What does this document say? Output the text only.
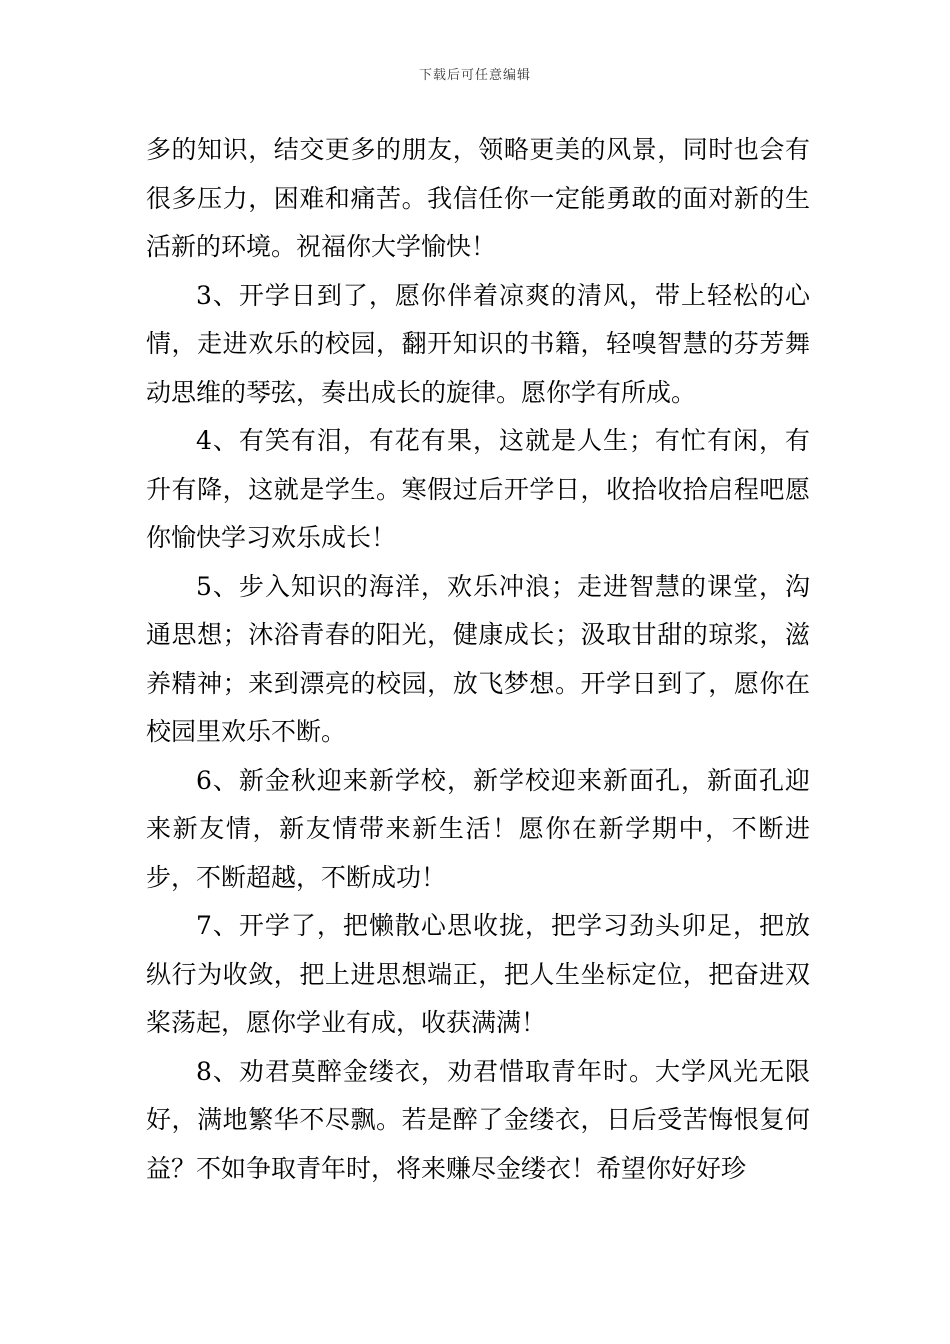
下载后可任意编辑

多的知识，结交更多的朋友，领略更美的风景，同时也会有很多压力，困难和痛苦。我信任你一定能勇敢的面对新的生活新的环境。祝福你大学愉快！

3、开学日到了，愿你伴着凉爽的清风，带上轻松的心情，走进欢乐的校园，翻开知识的书籍，轻嗅智慧的芬芳舞动思维的琴弦，奏出成长的旋律。愿你学有所成。

4、有笑有泪，有花有果，这就是人生；有忙有闲，有升有降，这就是学生。寒假过后开学日，收拾收拾启程吧愿你愉快学习欢乐成长！

5、步入知识的海洋，欢乐冲浪；走进智慧的课堂，沟通思想；沐浴青春的阳光，健康成长；汲取甘甜的琼浆，滋养精神；来到漂亮的校园，放飞梦想。开学日到了，愿你在校园里欢乐不断。

6、新金秋迎来新学校，新学校迎来新面孔，新面孔迎来新友情，新友情带来新生活！愿你在新学期中，不断进步，不断超越，不断成功！

7、开学了，把懒散心思收拢，把学习劲头卯足，把放纵行为收敛，把上进思想端正，把人生坐标定位，把奋进双桨荡起，愿你学业有成，收获满满！

8、劝君莫醉金缕衣，劝君惜取青年时。大学风光无限好，满地繁华不尽飘。若是醉了金缕衣，日后受苦悔恨复何益？不如争取青年时，将来赚尽金缕衣！希望你好好珍
